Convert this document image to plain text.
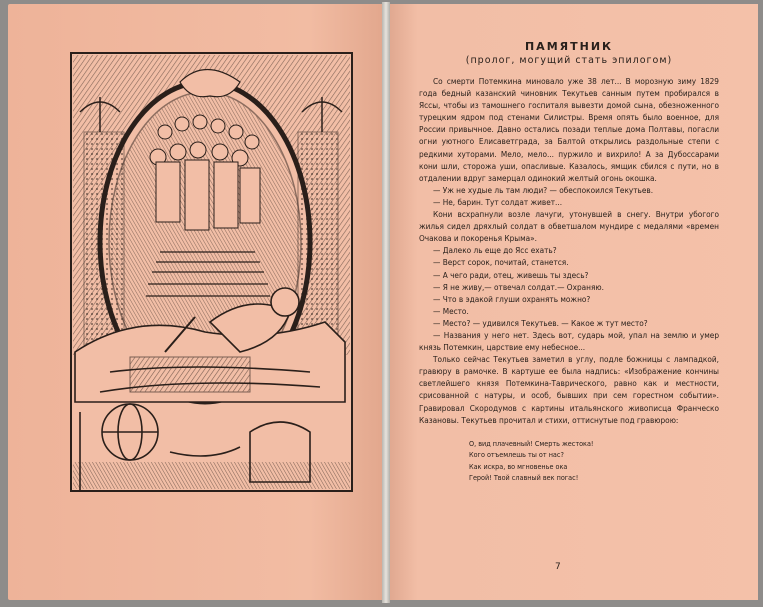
ПАМЯТНИК
(пролог, могущий стать эпилогом)

Со смерти Потемкина миновало уже 38 лет... В морозную зиму 1829 года бедный казанский чиновник Текутьев санным путем пробирался в Яссы, чтобы из тамошнего госпиталя вывезти домой сына, обезноженного турецким ядром под стенами Силистры. Время опять было военное, для России привычное. Давно остались позади теплые дома Полтавы, погасли огни уютного Елисаветграда, за Балтой открылись раздольные степи с редкими хуторами. Мело, мело... пуржило и вихрило! А за Дубоссарами кони шли, сторожа уши, опасливые. Казалось, ямщик сбился с пути, но в отдалении вдруг замерцал одинокий желтый огонь окошка.

— Уж не худые ль там люди? — обеспокоился Текутьев.

— Не, барин. Тут солдат живет...

Кони всхрапнули возле лачуги, утонувшей в снегу. Внутри убогого жилья сидел дряхлый солдат в обветшалом мундире с медалями «времен Очакова и покоренья Крыма».

— Далеко ль еще до Ясс ехать?

— Верст сорок, почитай, станется.

— А чего ради, отец, живешь ты здесь?

— Я не живу,— отвечал солдат.— Охраняю.

— Что в эдакой глуши охранять можно?

— Место.

— Место? — удивился Текутьев. — Какое ж тут место?

— Названия у него нет. Здесь вот, сударь мой, упал на землю и умер князь Потемкин, царствие ему небесное...

Только сейчас Текутьев заметил в углу, подле божницы с лампадкой, гравюру в рамочке. В картуше ее была надпись: «Изображение кончины светлейшего князя Потемкина-Таврического, равно как и местности, срисованной с натуры, и особ, бывших при сем горестном событии». Гравировал Скородумов с картины итальянского живописца Франческо Казановы. Текутьев прочитал и стихи, оттиснутые под гравюрою:

О, вид плачевный! Смерть жестока!
Кого отъемлешь ты от нас?
Как искра, во мгновенье ока
Герой! Твой славный век погас!
7
